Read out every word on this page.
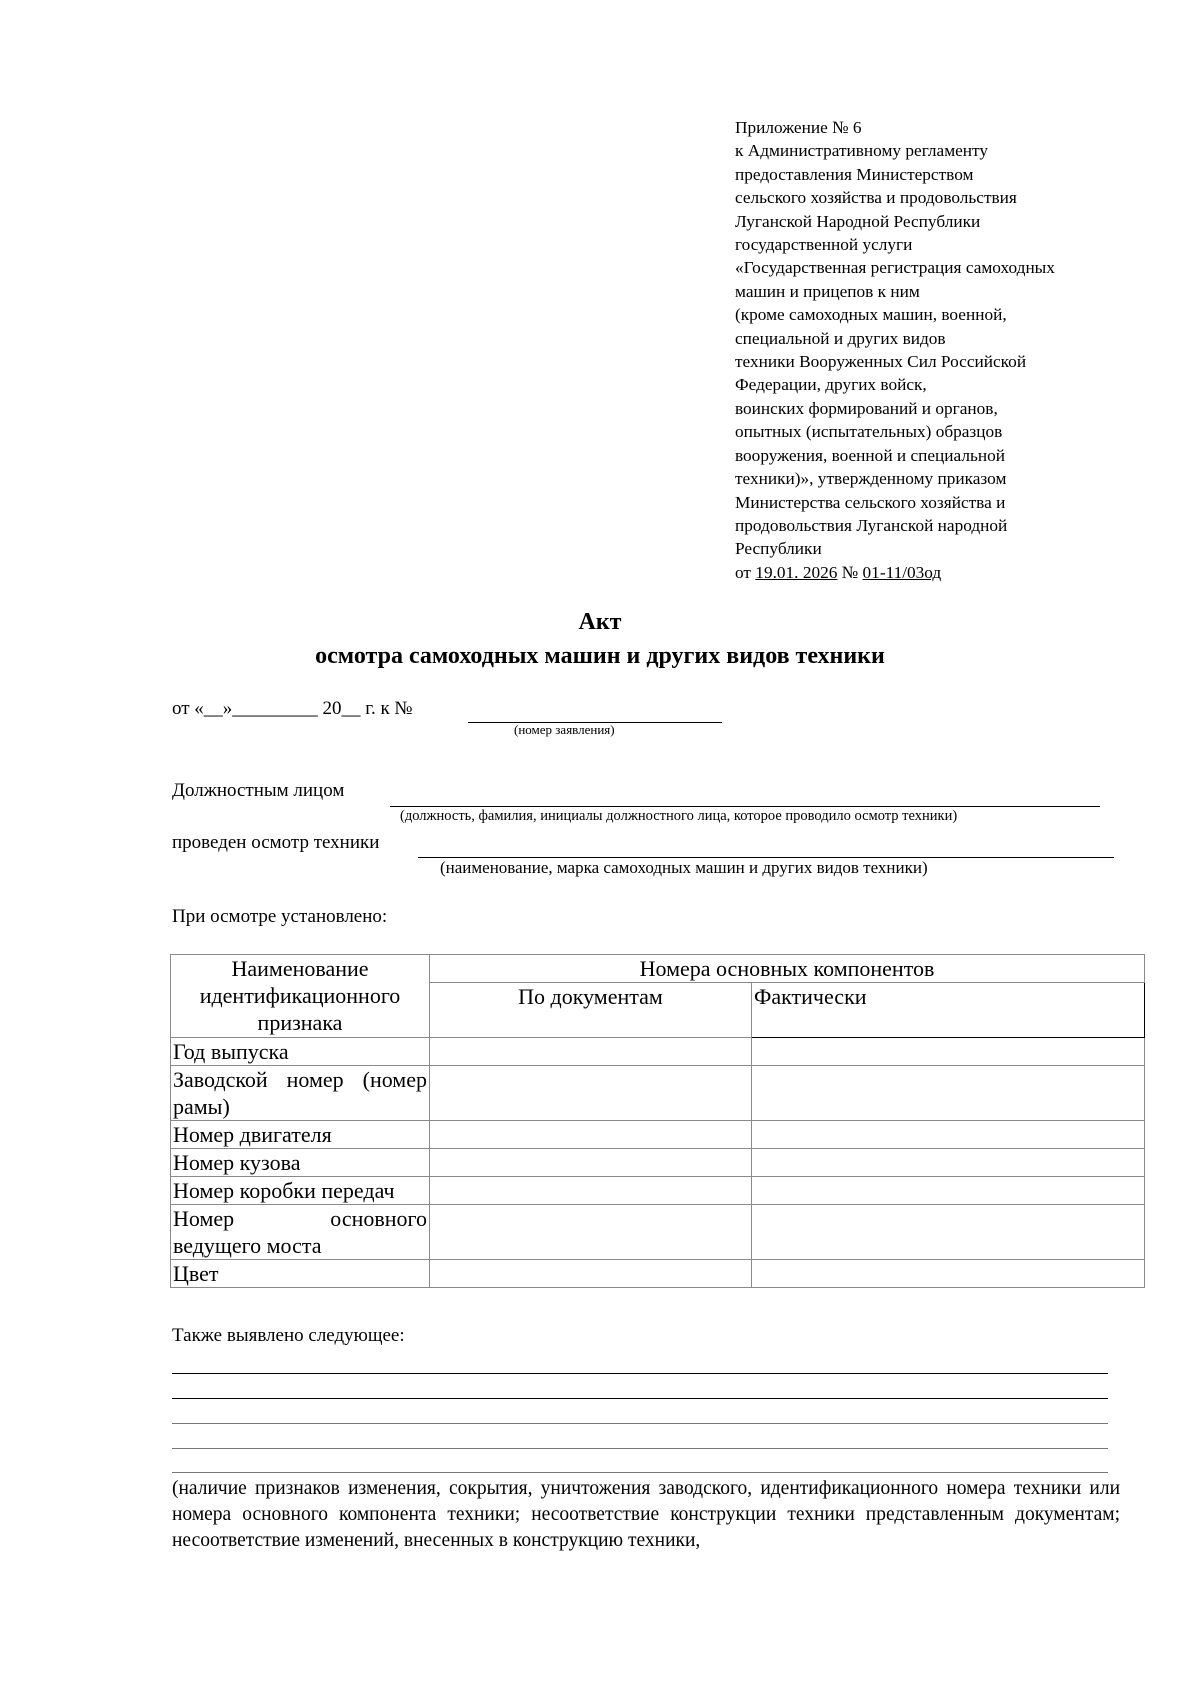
Приложение № 6
к Административному регламенту
предоставления Министерством
сельского хозяйства и продовольствия
Луганской Народной Республики
государственной услуги
«Государственная регистрация самоходных
машин и прицепов к ним
(кроме самоходных машин, военной,
специальной и других видов
техники Вооруженных Сил Российской
Федерации, других войск,
воинских формирований и органов,
опытных (испытательных) образцов
вооружения, военной и специальной
техники)», утвержденному приказом
Министерства сельского хозяйства и
продовольствия Луганской народной
Республики
от 19.01. 2026 № 01-11/03од
Акт
осмотра самоходных машин и других видов техники
от «__»_________ 20__ г. к №
(номер заявления)
Должностным лицом
(должность, фамилия, инициалы должностного лица, которое проводило осмотр техники)
проведен осмотр техники
(наименование, марка самоходных машин и других видов техники)
При осмотре установлено:
Наименование идентификационного признака	Номера основных компонентов	
	По документам	Фактически
Год выпуска		
Заводской номер (номер рамы)		
Номер двигателя		
Номер кузова		
Номер коробки передач		
Номер основного ведущего моста		
Цвет		
Также выявлено следующее:
(наличие признаков изменения, сокрытия, уничтожения заводского, идентификационного номера техники или номера основного компонента техники; несоответствие конструкции техники представленным документам; несоответствие изменений, внесенных в конструкцию техники,
